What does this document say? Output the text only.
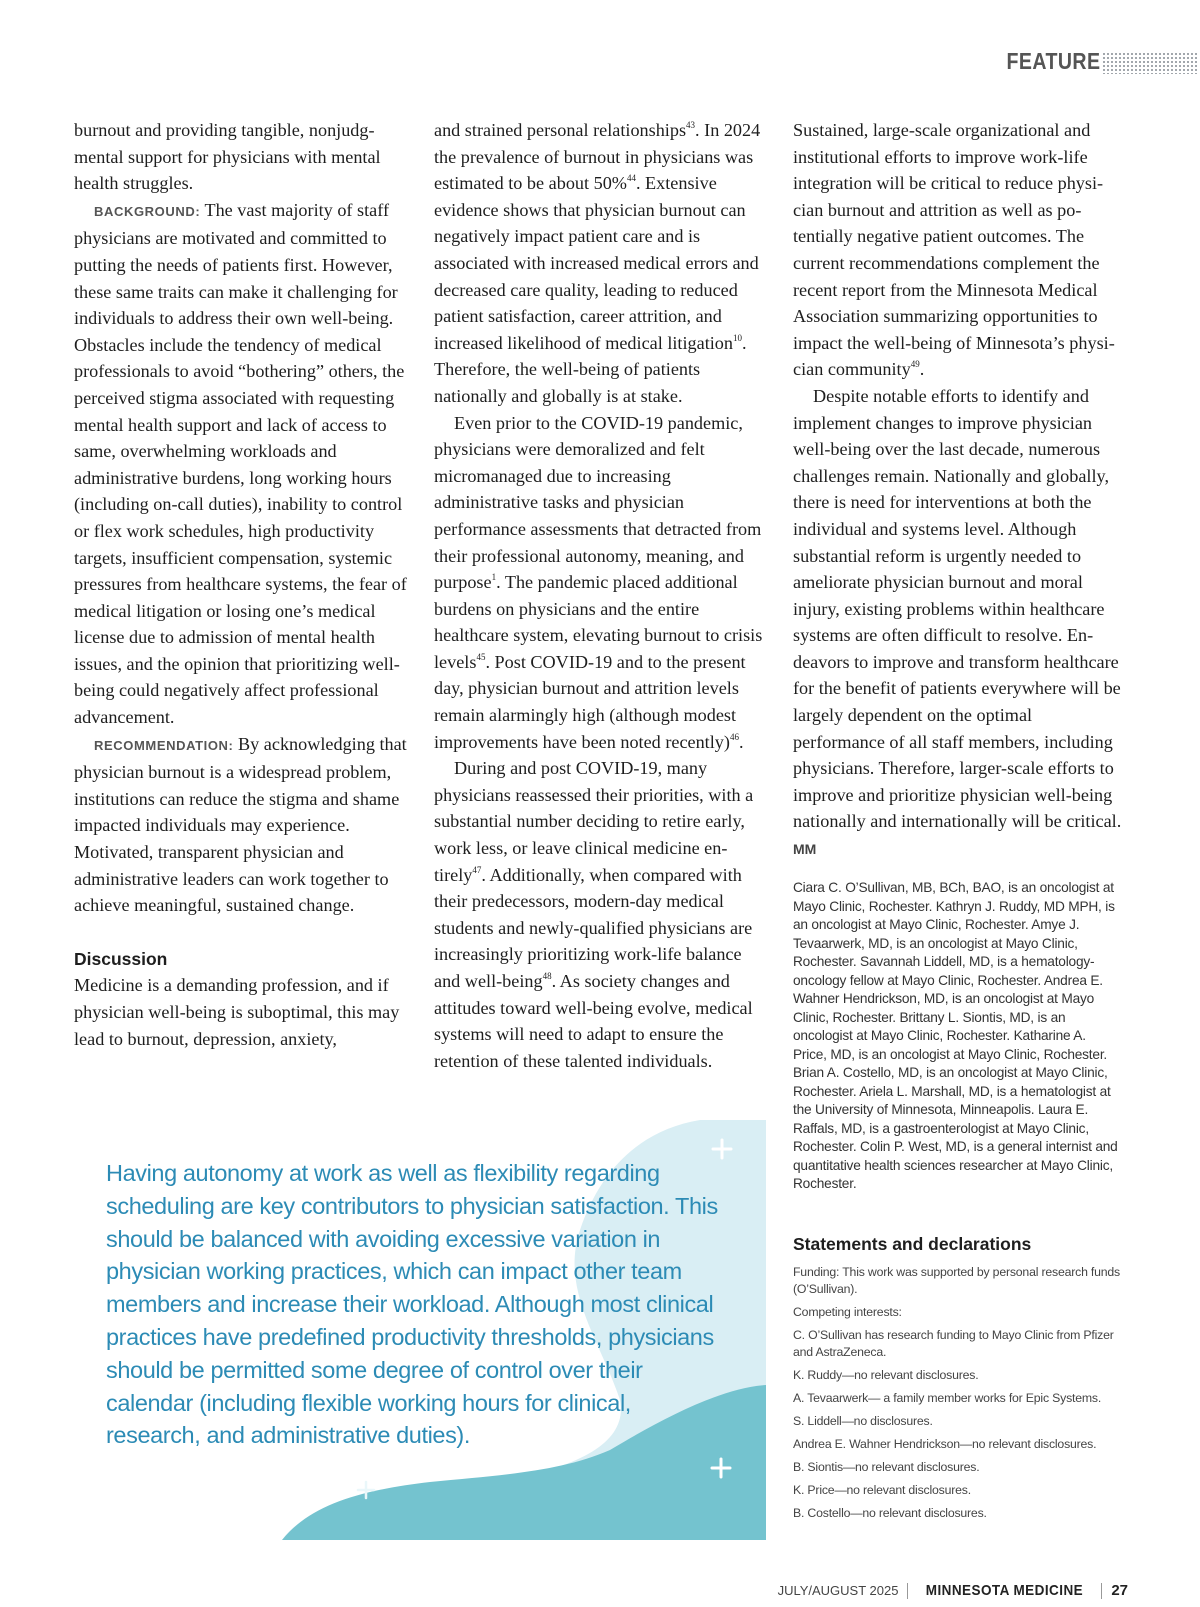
FEATURE

burnout and providing tangible, nonjudgmental support for physicians with mental health struggles.

BACKGROUND: The vast majority of staff physicians are motivated and committed to putting the needs of patients first. However, these same traits can make it challenging for individuals to address their own well-being. Obstacles include the tendency of medical professionals to avoid “bothering” others, the perceived stigma associated with requesting mental health support and lack of access to same, overwhelming workloads and administrative burdens, long working hours (including on-call duties), inability to control or flex work schedules, high productivity targets, insufficient compensation, systemic pressures from healthcare systems, the fear of medical litigation or losing one’s medical license due to admission of mental health issues, and the opinion that prioritizing well-being could negatively affect professional advancement.

RECOMMENDATION: By acknowledging that physician burnout is a widespread problem, institutions can reduce the stigma and shame impacted individuals may experience. Motivated, transparent physician and administrative leaders can work together to achieve meaningful, sustained change.

Discussion

Medicine is a demanding profession, and if physician well-being is suboptimal, this may lead to burnout, depression, anxiety,

and strained personal relationships$^{43}$. In 2024 the prevalence of burnout in physicians was estimated to be about 50%$^{44}$. Extensive evidence shows that physician burnout can negatively impact patient care and is associated with increased medical errors and decreased care quality, leading to reduced patient satisfaction, career attrition, and increased likelihood of medical litigation$^{10}$. Therefore, the well-being of patients nationally and globally is at stake.

Even prior to the COVID-19 pandemic, physicians were demoralized and felt micromanaged due to increasing administrative tasks and physician performance assessments that detracted from their professional autonomy, meaning, and purpose$^1$. The pandemic placed additional burdens on physicians and the entire healthcare system, elevating burnout to crisis levels$^{45}$. Post COVID-19 and to the present day, physician burnout and attrition levels remain alarmingly high (although modest improvements have been noted recently)$^{46}$.

During and post COVID-19, many physicians reassessed their priorities, with a substantial number deciding to retire early, work less, or leave clinical medicine entirely$^{47}$. Additionally, when compared with their predecessors, modern-day medical students and newly-qualified physicians are increasingly prioritizing work-life balance and well-being$^{48}$. As society changes and attitudes toward well-being evolve, medical systems will need to adapt to ensure the retention of these talented individuals.

Sustained, large-scale organizational and institutional efforts to improve work-life integration will be critical to reduce physician burnout and attrition as well as potentially negative patient outcomes. The current recommendations complement the recent report from the Minnesota Medical Association summarizing opportunities to impact the well-being of Minnesota’s physician community$^{49}$.

Despite notable efforts to identify and implement changes to improve physician well-being over the last decade, numerous challenges remain. Nationally and globally, there is need for interventions at both the individual and systems level. Although substantial reform is urgently needed to ameliorate physician burnout and moral injury, existing problems within healthcare systems are often difficult to resolve. Endeavors to improve and transform healthcare for the benefit of patients everywhere will be largely dependent on the optimal performance of all staff members, including physicians. Therefore, larger-scale efforts to improve and prioritize physician well-being nationally and internationally will be critical. MM

Ciara C. O’Sullivan, MB, BCh, BAO, is an oncologist at Mayo Clinic, Rochester. Kathryn J. Ruddy, MD MPH, is an oncologist at Mayo Clinic, Rochester. Amye J. Tevaarwerk, MD, is an oncologist at Mayo Clinic, Rochester. Savannah Liddell, MD, is a hematology-oncology fellow at Mayo Clinic, Rochester. Andrea E. Wahner Hendrickson, MD, is an oncologist at Mayo Clinic, Rochester. Brittany L. Siontis, MD, is an oncologist at Mayo Clinic, Rochester. Katharine A. Price, MD, is an oncologist at Mayo Clinic, Rochester. Brian A. Costello, MD, is an oncologist at Mayo Clinic, Rochester. Ariela L. Marshall, MD, is a hematologist at the University of Minnesota, Minneapolis. Laura E. Raffals, MD, is a gastroenterologist at Mayo Clinic, Rochester. Colin P. West, MD, is a general internist and quantitative health sciences researcher at Mayo Clinic, Rochester.
Statements and declarations
Funding: This work was supported by personal research funds (O’Sullivan).
Competing interests:
C. O’Sullivan has research funding to Mayo Clinic from Pfizer and AstraZeneca.
K. Ruddy—no relevant disclosures.
A. Tevaarwerk— a family member works for Epic Systems.
S. Liddell—no disclosures.
Andrea E. Wahner Hendrickson—no relevant disclosures.
B. Siontis—no relevant disclosures.
K. Price—no relevant disclosures.
B. Costello—no relevant disclosures.
Having autonomy at work as well as flexibility regarding scheduling are key contributors to physician satisfaction. This should be balanced with avoiding excessive variation in physician working practices, which can impact other team members and increase their workload. Although most clinical practices have predefined productivity thresholds, physicians should be permitted some degree of control over their calendar (including flexible working hours for clinical, research, and administrative duties).
JULY/AUGUST 2025 MINNESOTA MEDICINE 27
